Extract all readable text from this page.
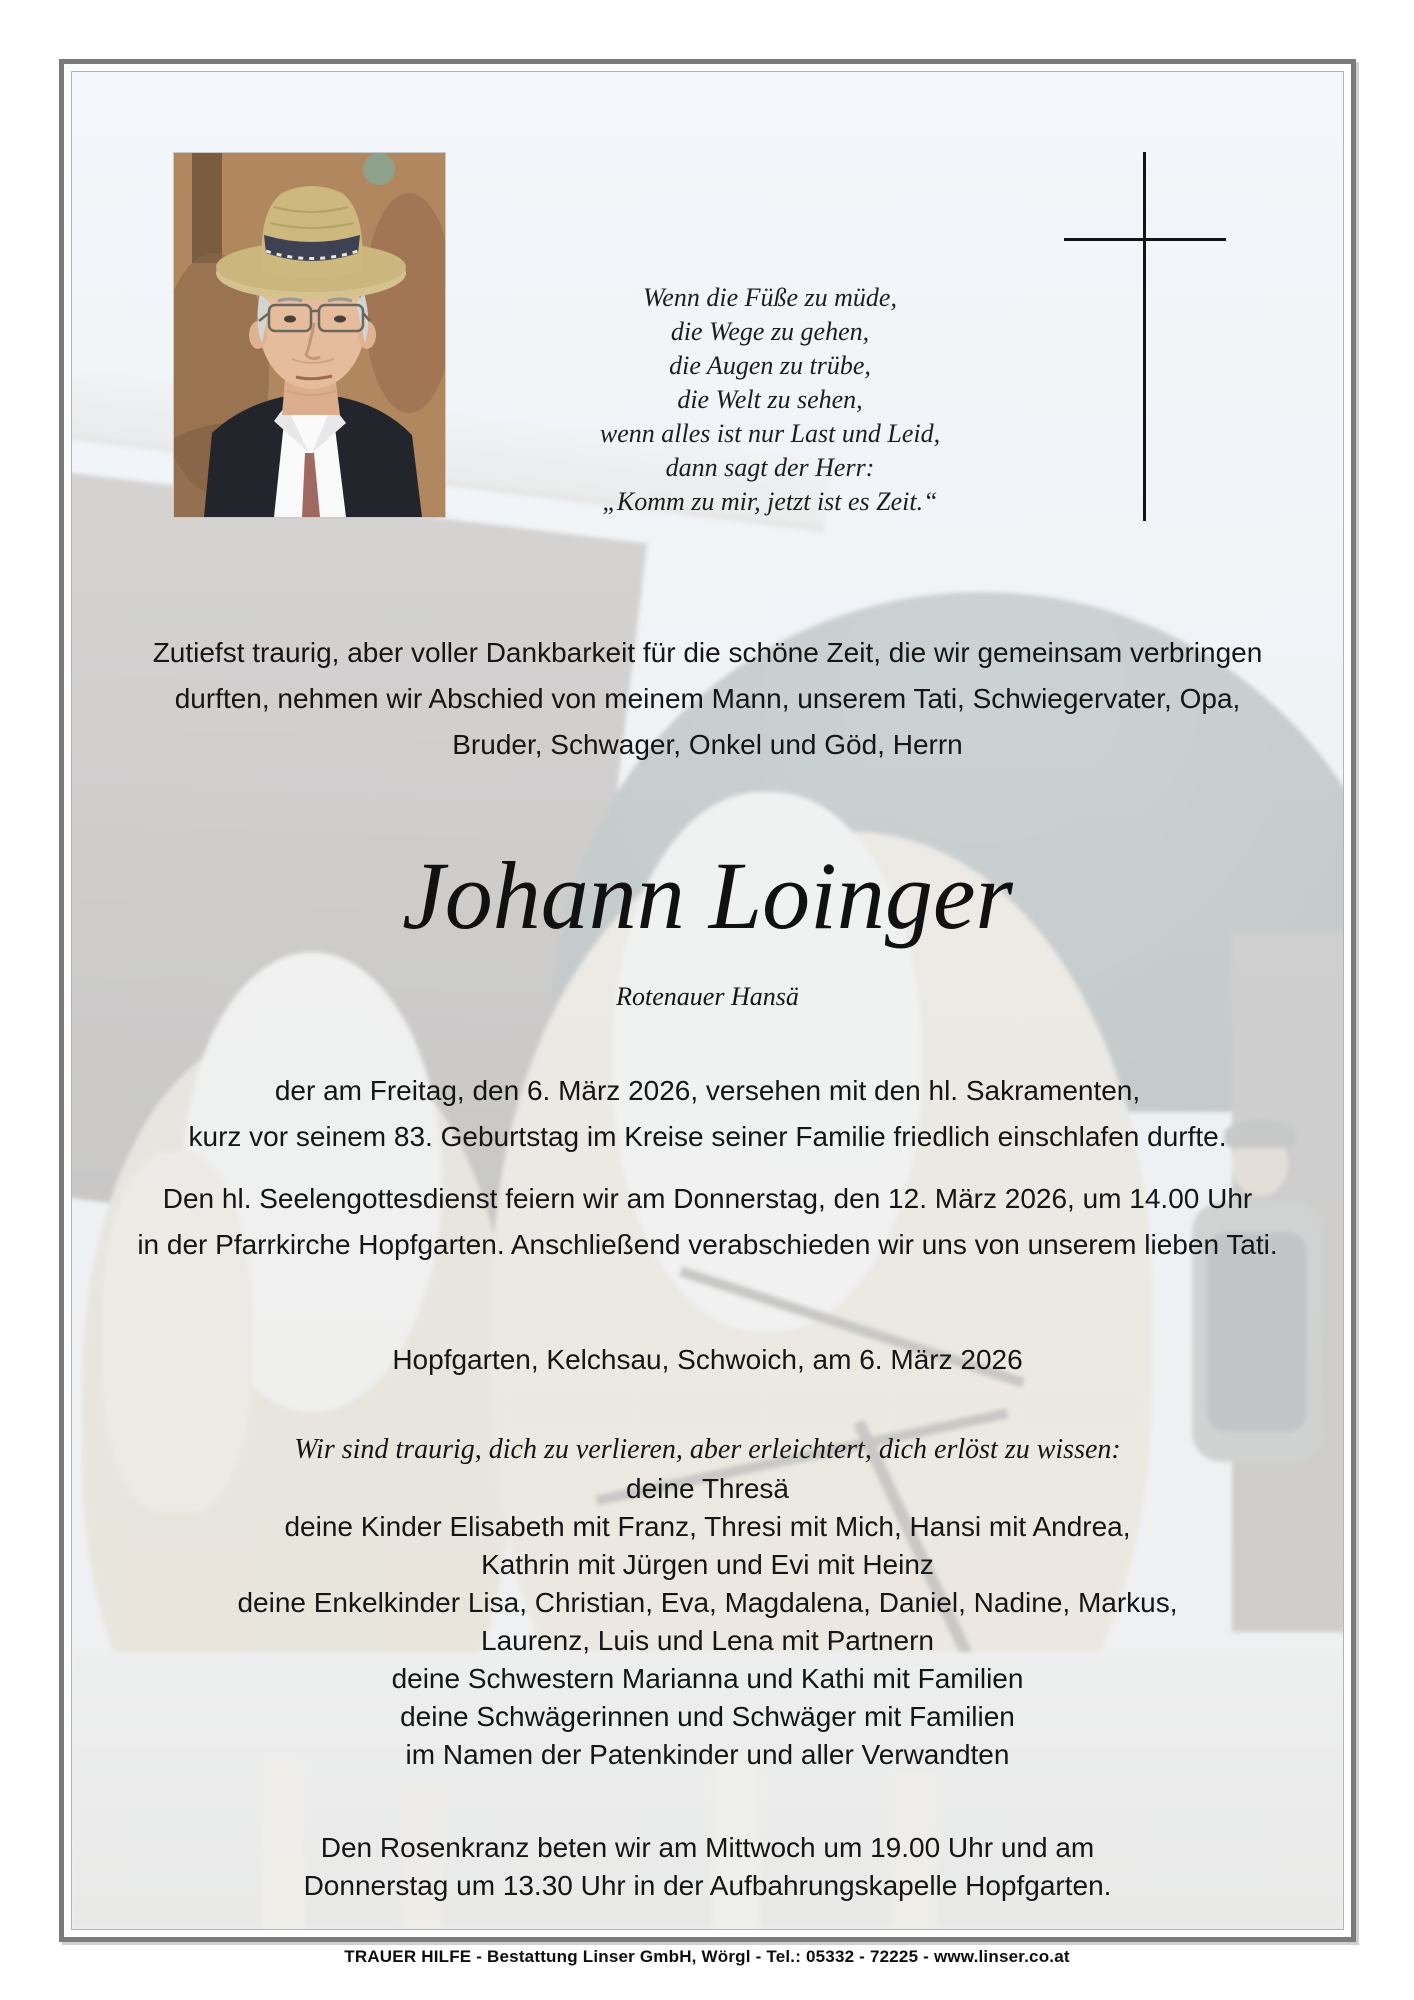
Wenn die Füße zu müde,
die Wege zu gehen,
die Augen zu trübe,
die Welt zu sehen,
wenn alles ist nur Last und Leid,
dann sagt der Herr:
„Komm zu mir, jetzt ist es Zeit.“
Zutiefst traurig, aber voller Dankbarkeit für die schöne Zeit, die wir gemeinsam verbringen
durften, nehmen wir Abschied von meinem Mann, unserem Tati, Schwiegervater, Opa,
Bruder, Schwager, Onkel und Göd, Herrn
Johann Loinger
Rotenauer Hansä
der am Freitag, den 6. März 2026, versehen mit den hl. Sakramenten,
kurz vor seinem 83. Geburtstag im Kreise seiner Familie friedlich einschlafen durfte.
Den hl. Seelengottesdienst feiern wir am Donnerstag, den 12. März 2026, um 14.00 Uhr
in der Pfarrkirche Hopfgarten. Anschließend verabschieden wir uns von unserem lieben Tati.
Hopfgarten, Kelchsau, Schwoich, am 6. März 2026
Wir sind traurig, dich zu verlieren, aber erleichtert, dich erlöst zu wissen:
deine Thresä
deine Kinder Elisabeth mit Franz, Thresi mit Mich, Hansi mit Andrea,
Kathrin mit Jürgen und Evi mit Heinz
deine Enkelkinder Lisa, Christian, Eva, Magdalena, Daniel, Nadine, Markus,
Laurenz, Luis und Lena mit Partnern
deine Schwestern Marianna und Kathi mit Familien
deine Schwägerinnen und Schwäger mit Familien
im Namen der Patenkinder und aller Verwandten
Den Rosenkranz beten wir am Mittwoch um 19.00 Uhr und am
Donnerstag um 13.30 Uhr in der Aufbahrungskapelle Hopfgarten.
TRAUER HILFE - Bestattung Linser GmbH, Wörgl - Tel.: 05332 - 72225 - www.linser.co.at
